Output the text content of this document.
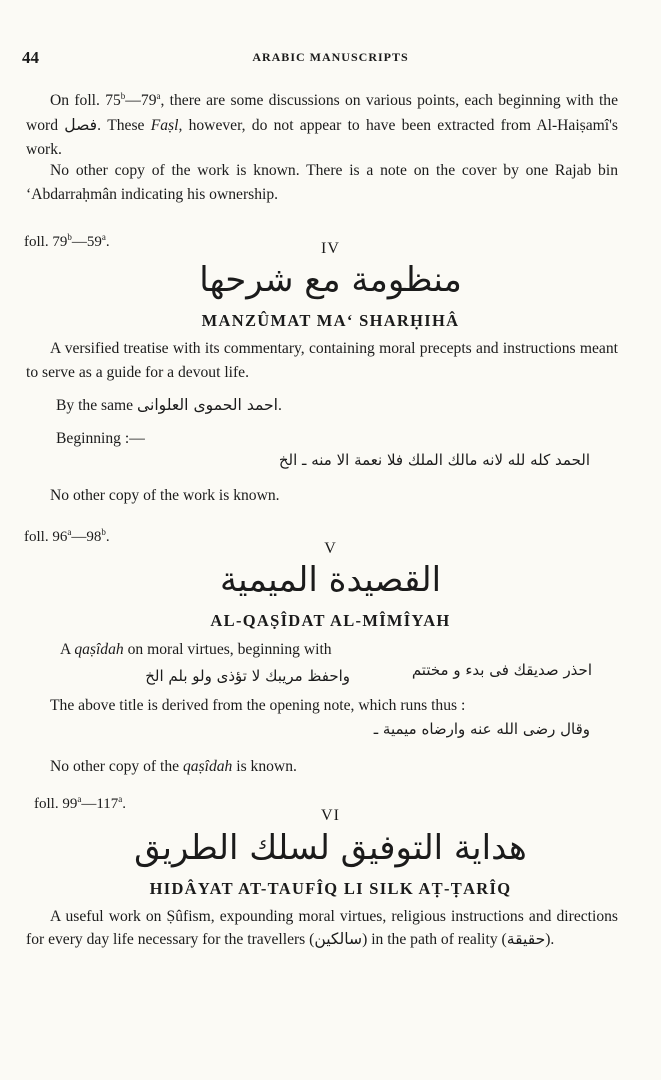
44	ARABIC MANUSCRIPTS
On foll. 75$^b$—79$^a$, there are some discussions on various points, each beginning with the word فصل. These Faṣl, however, do not appear to have been extracted from Al-Haiṣamî's work.
No other copy of the work is known. There is a note on the cover by one Rajab bin ʻAbdarraḥmân indicating his ownership.
foll. 79$^b$—59$^a$.	IV
منظومة مع شرحها
MANZÛMAT MAʻ SHARḤIHÂ
A versified treatise with its commentary, containing moral precepts and instructions meant to serve as a guide for a devout life.
By the same احمد الحموى العلوانى.
Beginning :—
الحمد كله لله لانه مالك الملك فلا نعمة الا منه ـ الخ
No other copy of the work is known.
foll. 96$^a$—98$^b$.
V
القصيدة الميمية
AL-QAṢÎDAT AL-MÎMÎYAH
A qaṣîdah on moral virtues, beginning with
احذر صديقك فى بدء و مختتم
واحفظ مريبك لا تؤذى ولو بلم الخ
The above title is derived from the opening note, which runs thus :
وقال رضى الله عنه وارضاه ميمية ـ
No other copy of the qaṣîdah is known.
foll. 99$^a$—117$^a$.
VI
هداية التوفيق لسلك الطريق
HIDÂYAT AT-TAUFÎQ LI SILK AṬ-ṬARÎQ
A useful work on Ṣûfism, expounding moral virtues, religious instructions and directions for every day life necessary for the travellers (سالكين) in the path of reality (حقيقة).
